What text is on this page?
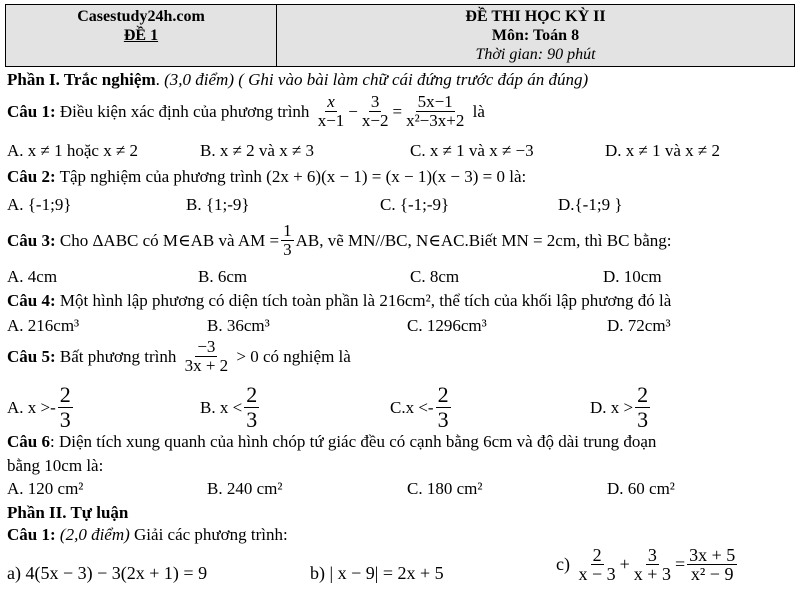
Casestudy24h.com
ĐỀ 1

ĐỀ THI HỌC KỲ II
Môn: Toán 8
Thời gian: 90 phút
Phần I. Trắc nghiệm. (3,0 điểm) ( Ghi vào bài làm chữ cái đứng trước đáp án đúng)
Câu 1:
Điều kiện xác định của phương trình
$\frac{x}{x-1} - \frac{3}{x-2} = \frac{5x-1}{\text{x²−3x+2}}$
là
A. x ≠ 1 hoặc x ≠ 2	B. x ≠ 2 và x ≠ 3	C. x ≠ 1 và x ≠ −3	D. x ≠ 1 và x ≠ 2
Câu 2: Tập nghiệm của phương trình (2x + 6)(x − 1) = (x − 1)(x − 3) = 0 là:
A. {-1;9}	B. {1;-9}	C. {-1;-9}	D.{-1;9 }
Câu 3:
Cho ΔABC có M∈AB và AM = $\frac{1}{3}$ AB, vẽ MN//BC, N∈AC.Biết MN = 2cm, thì BC bằng:
A. 4cm	B. 6cm	C. 8cm	D. 10cm
Câu 4: Một hình lập phương có diện tích toàn phần là 216cm², thể tích của khối lập phương đó là
A. 216cm³	B. 36cm³	C. 1296cm³	D. 72cm³
Câu 5:
Bất phương trình
$\frac{-3}{3x + 2}$
> 0 có nghiệm là
A. $x >- \frac{2}{3}$	B. $x < \frac{2}{3}$	$C.x <- \frac{2}{3}$	D. $x > \frac{2}{3}$
Câu 6: Diện tích xung quanh của hình chóp tứ giác đều có cạnh bằng 6cm và độ dài trung đoạn
bằng 10cm là:
A. 120 cm²	B. 240 cm²	C. 180 cm²	D. 60 cm²
Phần II. Tự luận
Câu 1: (2,0 điểm) Giải các phương trình:
a) 4(5x − 3) − 3(2x + 1) = 9	b) | x − 9| = 2x + 5	c)
$\frac{2}{x - 3} + \frac{3}{x + 3} = \frac{3x + 5}{\text{x² − 9}}$
